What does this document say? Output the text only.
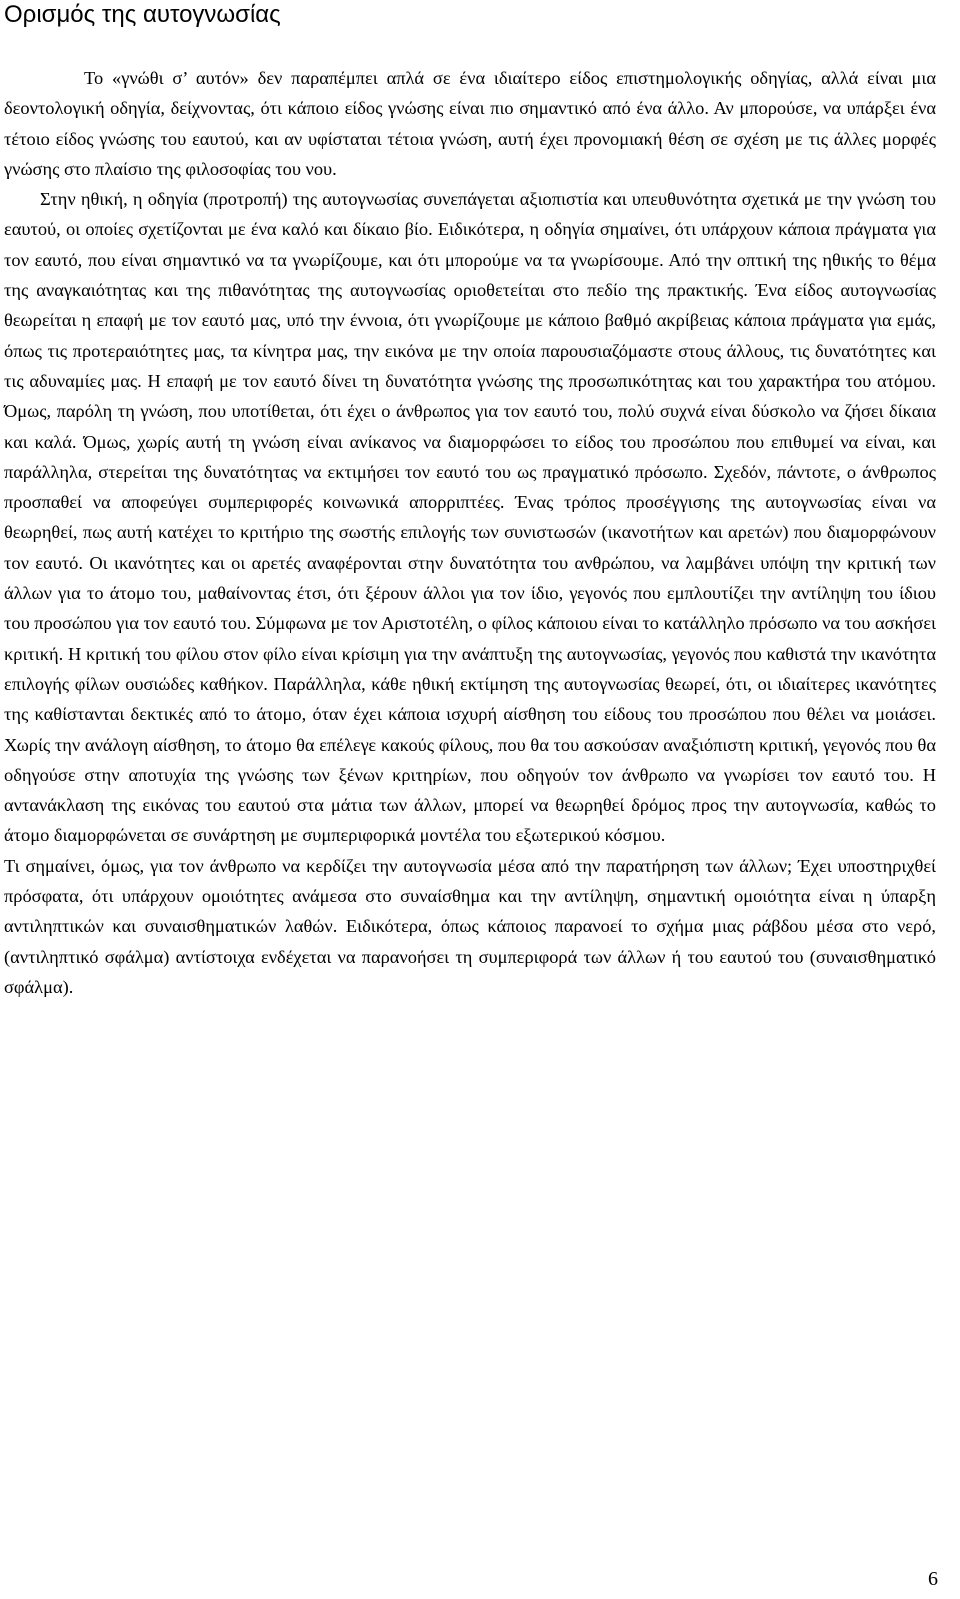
Ορισμός της αυτογνωσίας

Το «γνώθι σ’ αυτόν» δεν παραπέμπει απλά σε ένα ιδιαίτερο είδος επιστημολογικής οδηγίας, αλλά είναι μια δεοντολογική οδηγία, δείχνοντας, ότι κάποιο είδος γνώσης είναι πιο σημαντικό από ένα άλλο. Αν μπορούσε, να υπάρξει ένα τέτοιο είδος γνώσης του εαυτού, και αν υφίσταται τέτοια γνώση, αυτή έχει προνομιακή θέση σε σχέση με τις άλλες μορφές γνώσης στο πλαίσιο της φιλοσοφίας του νου.

Στην ηθική, η οδηγία (προτροπή) της αυτογνωσίας συνεπάγεται αξιοπιστία και υπευθυνότητα σχετικά με την γνώση του εαυτού, οι οποίες σχετίζονται με ένα καλό και δίκαιο βίο. Ειδικότερα, η οδηγία σημαίνει, ότι υπάρχουν κάποια πράγματα για τον εαυτό, που είναι σημαντικό να τα γνωρίζουμε, και ότι μπορούμε να τα γνωρίσουμε. Από την οπτική της ηθικής το θέμα της αναγκαιότητας και της πιθανότητας της αυτογνωσίας οριοθετείται στο πεδίο της πρακτικής. Ένα είδος αυτογνωσίας θεωρείται η επαφή με τον εαυτό μας, υπό την έννοια, ότι γνωρίζουμε με κάποιο βαθμό ακρίβειας κάποια πράγματα για εμάς, όπως τις προτεραιότητες μας, τα κίνητρα μας, την εικόνα με την οποία παρουσιαζόμαστε στους άλλους, τις δυνατότητες και τις αδυναμίες μας. Η επαφή με τον εαυτό δίνει τη δυνατότητα γνώσης της προσωπικότητας και του χαρακτήρα του ατόμου. Όμως, παρόλη τη γνώση, που υποτίθεται, ότι έχει ο άνθρωπος για τον εαυτό του, πολύ συχνά είναι δύσκολο να ζήσει δίκαια και καλά. Όμως, χωρίς αυτή τη γνώση είναι ανίκανος να διαμορφώσει το είδος του προσώπου που επιθυμεί να είναι, και παράλληλα, στερείται της δυνατότητας να εκτιμήσει τον εαυτό του ως πραγματικό πρόσωπο. Σχεδόν, πάντοτε, ο άνθρωπος προσπαθεί να αποφεύγει συμπεριφορές κοινωνικά απορριπτέες. Ένας τρόπος προσέγγισης της αυτογνωσίας είναι να θεωρηθεί, πως αυτή κατέχει το κριτήριο της σωστής επιλογής των συνιστωσών (ικανοτήτων και αρετών) που διαμορφώνουν τον εαυτό. Οι ικανότητες και οι αρετές αναφέρονται στην δυνατότητα του ανθρώπου, να λαμβάνει υπόψη την κριτική των άλλων για το άτομο του, μαθαίνοντας έτσι, ότι ξέρουν άλλοι για τον ίδιο, γεγονός που εμπλουτίζει την αντίληψη του ίδιου του προσώπου για τον εαυτό του. Σύμφωνα με τον Αριστοτέλη, ο φίλος κάποιου είναι το κατάλληλο πρόσωπο να του ασκήσει κριτική. Η κριτική του φίλου στον φίλο είναι κρίσιμη για την ανάπτυξη της αυτογνωσίας, γεγονός που καθιστά την ικανότητα επιλογής φίλων ουσιώδες καθήκον. Παράλληλα, κάθε ηθική εκτίμηση της αυτογνωσίας θεωρεί, ότι, οι ιδιαίτερες ικανότητες της καθίστανται δεκτικές από το άτομο, όταν έχει κάποια ισχυρή αίσθηση του είδους του προσώπου που θέλει να μοιάσει. Χωρίς την ανάλογη αίσθηση, το άτομο θα επέλεγε κακούς φίλους, που θα του ασκούσαν αναξιόπιστη κριτική, γεγονός που θα οδηγούσε στην αποτυχία της γνώσης των ξένων κριτηρίων, που οδηγούν τον άνθρωπο να γνωρίσει τον εαυτό του. Η αντανάκλαση της εικόνας του εαυτού στα μάτια των άλλων, μπορεί να θεωρηθεί δρόμος προς την αυτογνωσία, καθώς το άτομο διαμορφώνεται σε συνάρτηση με συμπεριφορικά μοντέλα του εξωτερικού κόσμου.

Τι σημαίνει, όμως, για τον άνθρωπο να κερδίζει την αυτογνωσία μέσα από την παρατήρηση των άλλων; Έχει υποστηριχθεί πρόσφατα, ότι υπάρχουν ομοιότητες ανάμεσα στο συναίσθημα και την αντίληψη, σημαντική ομοιότητα είναι η ύπαρξη αντιληπτικών και συναισθηματικών λαθών. Ειδικότερα, όπως κάποιος παρανοεί το σχήμα μιας ράβδου μέσα στο νερό, (αντιληπτικό σφάλμα) αντίστοιχα ενδέχεται να παρανοήσει τη συμπεριφορά των άλλων ή του εαυτού του (συναισθηματικό σφάλμα).

6
